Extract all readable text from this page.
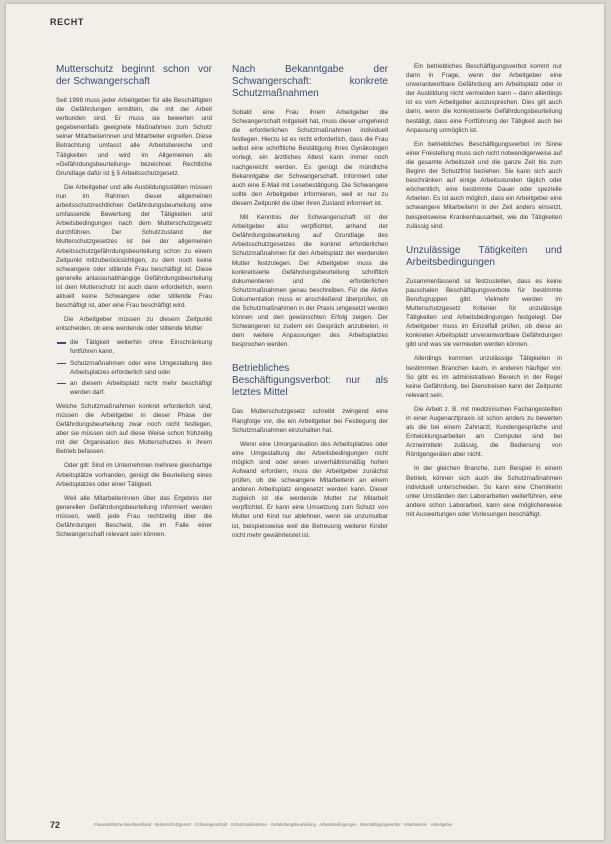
RECHT
Mutterschutz beginnt schon vor der Schwangerschaft

Seit 1998 muss jeder Arbeitgeber für alle Beschäftigten die Gefährdungen ermitteln, die mit der Arbeit verbunden sind. Er muss sie bewerten und gegebenenfalls geeignete Maßnahmen zum Schutz seiner Mitarbeiterinnen und Mitarbeiter ergreifen. Diese Betrachtung umfasst alle Arbeitsbereiche und Tätigkeiten und wird im Allgemeinen als »Gefährdungsbeurteilung« bezeichnet. Rechtliche Grundlage dafür ist § 5 Arbeitsschutzgesetz.

Die Arbeitgeber und alle Ausbildungsstätten müssen nun im Rahmen dieser allgemeinen arbeitsschutzrechtlichen Gefährdungsbeurteilung eine umfassende Bewertung der Tätigkeiten und Arbeitsbedingungen nach dem Mutterschutzgesetz durchführen. Der Schutzzustand der Mutterschutzgesetzes ist bei der allgemeinen Arbeitsschutzgefährdungsbeurteilung schon zu einem Zeitpunkt mitzuberücksichtigen, zu dem noch keine schwangere oder stillende Frau beschäftigt ist. Diese generelle anlassunabhängige Gefährdungsbeurteilung ist dem Mutterschutz ist auch dann erforderlich, wenn aktuell keine Schwangere oder stillende Frau beschäftigt ist, aber eine Frau beschäftigt wird.

Die Arbeitgeber müssen zu diesem Zeitpunkt entscheiden, ob eine werdende oder stillende Mutter

die Tätigkeit weiterhin ohne Einschränkung fortführen kann,
Schutzmaßnahmen oder eine Umgestaltung des Arbeitsplatzes erforderlich sind oder
an diesem Arbeitsplatz nicht mehr beschäftigt werden darf.

Welche Schutzmaßnahmen konkret erforderlich sind, müssen die Arbeitgeber in dieser Phase der Gefährdungsbeurteilung zwar noch nicht festlegen, aber sie müssen sich auf diese Weise schon frühzeitig mit der Organisation des Mutterschutzes in ihrem Betrieb befassen.

Oder gilt: Sind im Unternehmen mehrere gleichartige Arbeitsplätze vorhanden, genügt die Beurteilung eines Arbeitsplatzes oder einer Tätigkeit.

Weil alle Mitarbeiterinnen über das Ergebnis der generellen Gefährdungsbeurteilung informiert werden müssen, weiß jede Frau rechtzeitig über die Gefährdungen Bescheid, die im Falle einer Schwangerschaft relevant sein können.

Nach Bekanntgabe der Schwangerschaft: konkrete Schutzmaßnahmen

Sobald eine Frau ihrem Arbeitgeber die Schwangerschaft mitgeteilt hat, muss dieser umgehend die erforderlichen Schutzmaßnahmen individuell festlegen. Hierzu ist es nicht erforderlich, dass die Frau selbst eine schriftliche Bestätigung ihres Gynäkologen vorlegt, ein ärztliches Attest kann immer noch nachgereicht werden. Es genügt die mündliche Bekanntgabe der Schwangerschaft. Informiert oder auch eine E-Mail mit Lesebestätigung. Die Schwangere sollte den Arbeitgeber informieren, weil er nur zu diesem Zeitpunkt die über ihren Zustand informiert ist.

Mit Kenntnis der Schwangerschaft ist der Arbeitgeber also verpflichtet, anhand der Gefährdungsbeurteilung auf Grundlage des Arbeitsschutzgesetzes die konkret erforderlichen Schutzmaßnahmen für den Arbeitsplatz der werdenden Mutter festzulegen. Der Arbeitgeber muss die konkretisierte Gefährdungsbeurteilung schriftlich dokumentieren und die erforderlichen Schutzmaßnahmen genau beschreiben. Für die Aktive Dokumentation muss er anschließend überprüfen, ob die Schutzmaßnahmen in der Praxis umgesetzt werden können und den gewünschten Erfolg zeigen. Der Schwangeren ist zudem ein Gespräch anzubieten, in dem weitere Anpassungen des Arbeitsplatzes besprochen werden.

Betriebliches Beschäftigungsverbot: nur als letztes Mittel

Das Mutterschutzgesetz schreibt zwingend eine Rangfolge vor, die ein Arbeitgeber bei Festlegung der Schutzmaßnahmen einzuhalten hat.

Wenn eine Umorganisation des Arbeitsplatzes oder eine Umgestaltung der Arbeitsbedingungen nicht möglich sind oder einen unverhältnismäßig hohen Aufwand erfordern, muss der Arbeitgeber zunächst prüfen, ob die schwangere Mitarbeiterin an einem anderen Arbeitsplatz eingesetzt werden kann. Dieser zugleich ist die werdende Mutter zur Mitarbeit verpflichtet. Er kann eine Umsetzung zum Schutz von Mutter und Kind nur ablehnen, wenn sie unzumutbar ist, beispielsweise weil die Betreuung weiterer Kinder nicht mehr gewährleistet ist.

Ein betriebliches Beschäftigungsverbot kommt nur dann in Frage, wenn der Arbeitgeber eine unverantwortbare Gefährdung am Arbeitsplatz oder in der Ausbildung nicht vermeiden kann – dann allerdings ist es vom Arbeitgeber auszusprechen. Dies gilt auch dann, wenn die konkretisierte Gefährdungsbeurteilung bestätigt, dass eine Fortführung der Tätigkeit auch bei Anpassung unmöglich ist.

Ein betriebliches Beschäftigungsverbot im Sinne einer Freistellung muss sich nicht notwendigerweise auf die gesamte Arbeitszeit und die ganze Zeit bis zum Beginn der Schutzfrist beziehen. Sie kann sich auch beschränken auf einige Arbeitsstunden täglich oder wöchentlich, eine bestimmte Dauer oder spezielle Arbeiten. Es ist auch möglich, dass ein Arbeitgeber eine schwangere Mitarbeiterin in der Zeit anders einsetzt, beispielsweise Krankenhausarbeit, wie die Tätigkeiten zulässig sind.

Unzulässige Tätigkeiten und Arbeitsbedingungen

Zusammenfassend ist festzustellen, dass es keine pauschalen Beschäftigungsverbote für bestimmte Berufsgruppen gibt. Vielmehr werden im Mutterschutzgesetz Kriterien für unzulässige Tätigkeiten und Arbeitsbedingungen festgelegt. Der Arbeitgeber muss im Einzelfall prüfen, ob diese an konkreten Arbeitsplatz unverantwortbare Gefährdungen gibt und was sie vermieden werden können.

Allerdings kommen unzulässige Tätigkeiten in bestimmten Branchen kaum, in anderen häufiger vor. So gibt es im administrativen Bereich in der Regel keine Gefährdung, bei Dienstreisen kann der Zeitpunkt relevant sein.

Die Arbeit z. B. mit medizinischen Fachangestellten in einer Augenarztpraxis ist schon anders zu bewerten als die bei einem Zahnarzt, Kundengespräche und Entwicklungsarbeiten am Computer sind bei Arzneimitteln zulässig, die Bedienung von Röntgengeräten aber nicht.

In der gleichen Branche, zum Beispiel in einem Betrieb, können sich auch die Schutzmaßnahmen individuell unterscheiden. So kann eine Chemikerin unter Umständen den Laborarbeiten weiterführen, eine andere schon Laborarbeit, kann eine möglicherweise mit Auswertungen oder Vorlesungen beschäftigt.

72	Frauenärztliche Berufsverband · Mutterschutzgesetz · Schwangerschaft · Schutzmaßnahmen · Gefährdungsbeurteilung · Arbeitsbedingungen · Beschäftigungsverbot · Mitarbeiterin · Arbeitgeber
